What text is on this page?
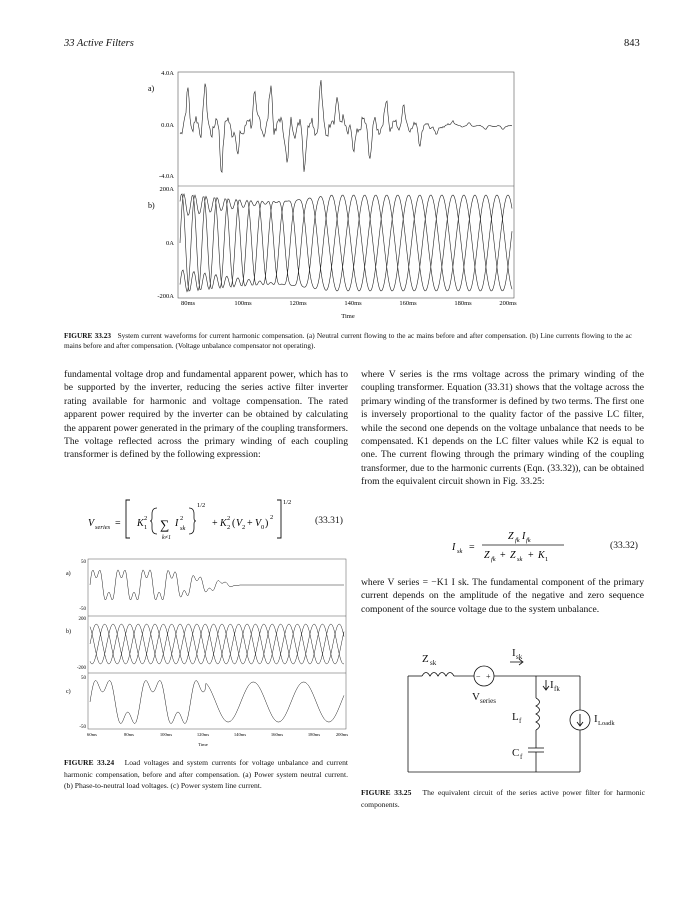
33 Active Filters	843
4.0A
a)
0.0A
-4.0A
200A
b)
0A
-200A
80ms	100ms	120ms	140ms	160ms	180ms	200ms
Time
FIGURE 33.23 System current waveforms for current harmonic compensation. (a) Neutral current flowing to the ac mains before and after compensation. (b) Line currents flowing to the ac mains before and after compensation. (Voltage unbalance compensator not operating).
fundamental voltage drop and fundamental apparent power, which has to be supported by the inverter, reducing the series active filter inverter rating available for harmonic and voltage compensation. The rated apparent power required by the inverter can be obtained by calculating the apparent power generated in the primary of the coupling transformers. The voltage reflected across the primary winding of each coupling transformer is defined by the following expression:
V series = K 1
2 ∑
k≠1
I 2
sk
1/2
+ K 2
2 ( V 2 + V 0 )
2
1/2
(33.31)
50
a)
-50
200
b)
-200
50
c)
-50
60ms	80ms	100ms	120ms	140ms	160ms	180ms	200ms
Time
FIGURE 33.24 Load voltages and system currents for voltage unbalance and current harmonic compensation, before and after compensation. (a) Power system neutral current. (b) Phase-to-neutral load voltages. (c) Power system line current.
where V series is the rms voltage across the primary winding of the coupling transformer. Equation (33.31) shows that the voltage across the primary winding of the transformer is defined by two terms. The first one is inversely proportional to the quality factor of the passive LC filter, while the second one depends on the voltage unbalance that needs to be compensated. K1 depends on the LC filter values while K2 is equal to one. The current flowing through the primary winding of the coupling transformer, due to the harmonic currents (Eqn. (33.32)), can be obtained from the equivalent circuit shown in Fig. 33.25:
I sk =
Z fk I fk
Z fk + Z sk + K 1
(33.32)
where V series = −K1 I sk. The fundamental component of the primary current depends on the amplitude of the negative and zero sequence component of the source voltage due to the system unbalance.
Z sk
− +
I sk
V series
I fk
L f
C f
I Loadk
FIGURE 33.25 The equivalent circuit of the series active power filter for harmonic components.
